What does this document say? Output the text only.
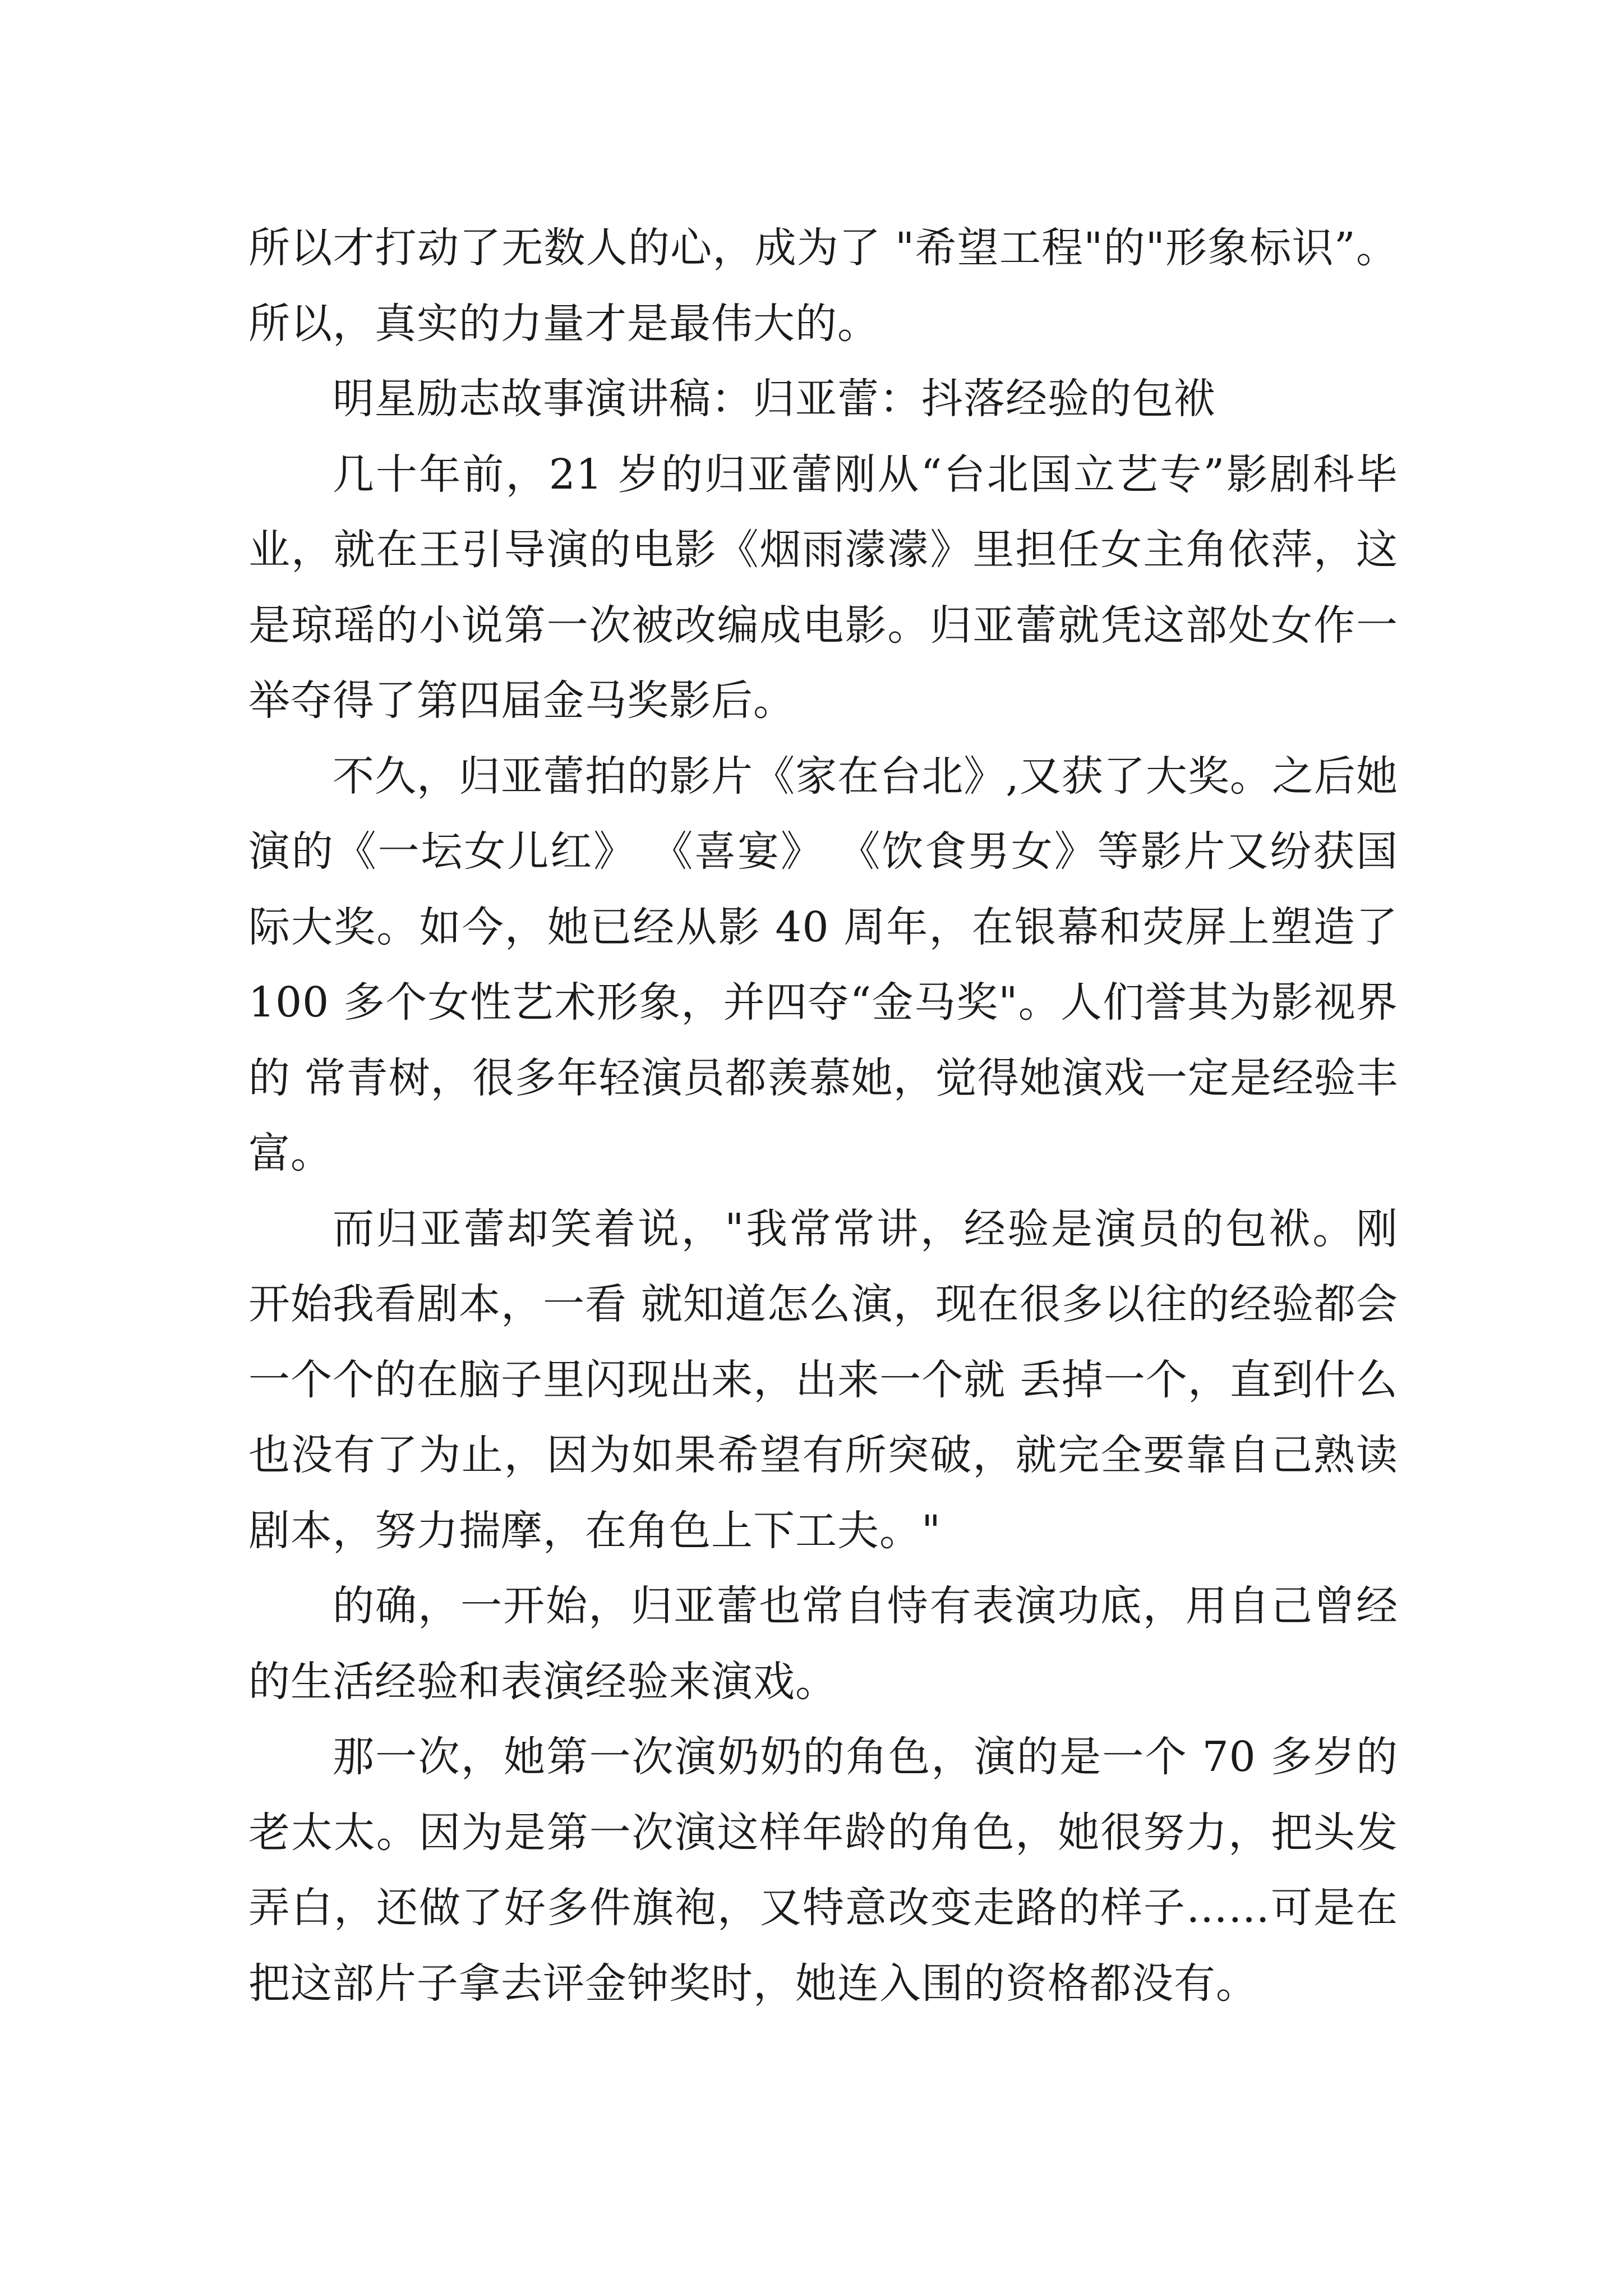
所以才打动了无数人的心，成为了 "希望工程"的"形象标识”。所以，真实的力量才是最伟大的。

明星励志故事演讲稿：归亚蕾：抖落经验的包袱

几十年前，21 岁的归亚蕾刚从“台北国立艺专”影剧科毕业，就在王引导演的电影《烟雨濛濛》里担任女主角依萍，这是琼瑶的小说第一次被改编成电影。归亚蕾就凭这部处女作一举夺得了第四届金马奖影后。

不久，归亚蕾拍的影片《家在台北》,又获了大奖。之后她演的《一坛女儿红》 《喜宴》 《饮食男女》等影片又纷获国际大奖。如今，她已经从影 40 周年，在银幕和荧屏上塑造了 100 多个女性艺术形象，并四夺“金马奖"。人们誉其为影视界的 常青树，很多年轻演员都羡慕她，觉得她演戏一定是经验丰富。

而归亚蕾却笑着说，"我常常讲，经验是演员的包袱。刚开始我看剧本，一看 就知道怎么演，现在很多以往的经验都会一个个的在脑子里闪现出来，出来一个就 丢掉一个，直到什么也没有了为止，因为如果希望有所突破，就完全要靠自己熟读剧本，努力揣摩，在角色上下工夫。"

的确，一开始，归亚蕾也常自恃有表演功底，用自己曾经的生活经验和表演经验来演戏。

那一次，她第一次演奶奶的角色，演的是一个 70 多岁的老太太。因为是第一次演这样年龄的角色，她很努力，把头发弄白，还做了好多件旗袍，又特意改变走路的样子……可是在把这部片子拿去评金钟奖时，她连入围的资格都没有。
